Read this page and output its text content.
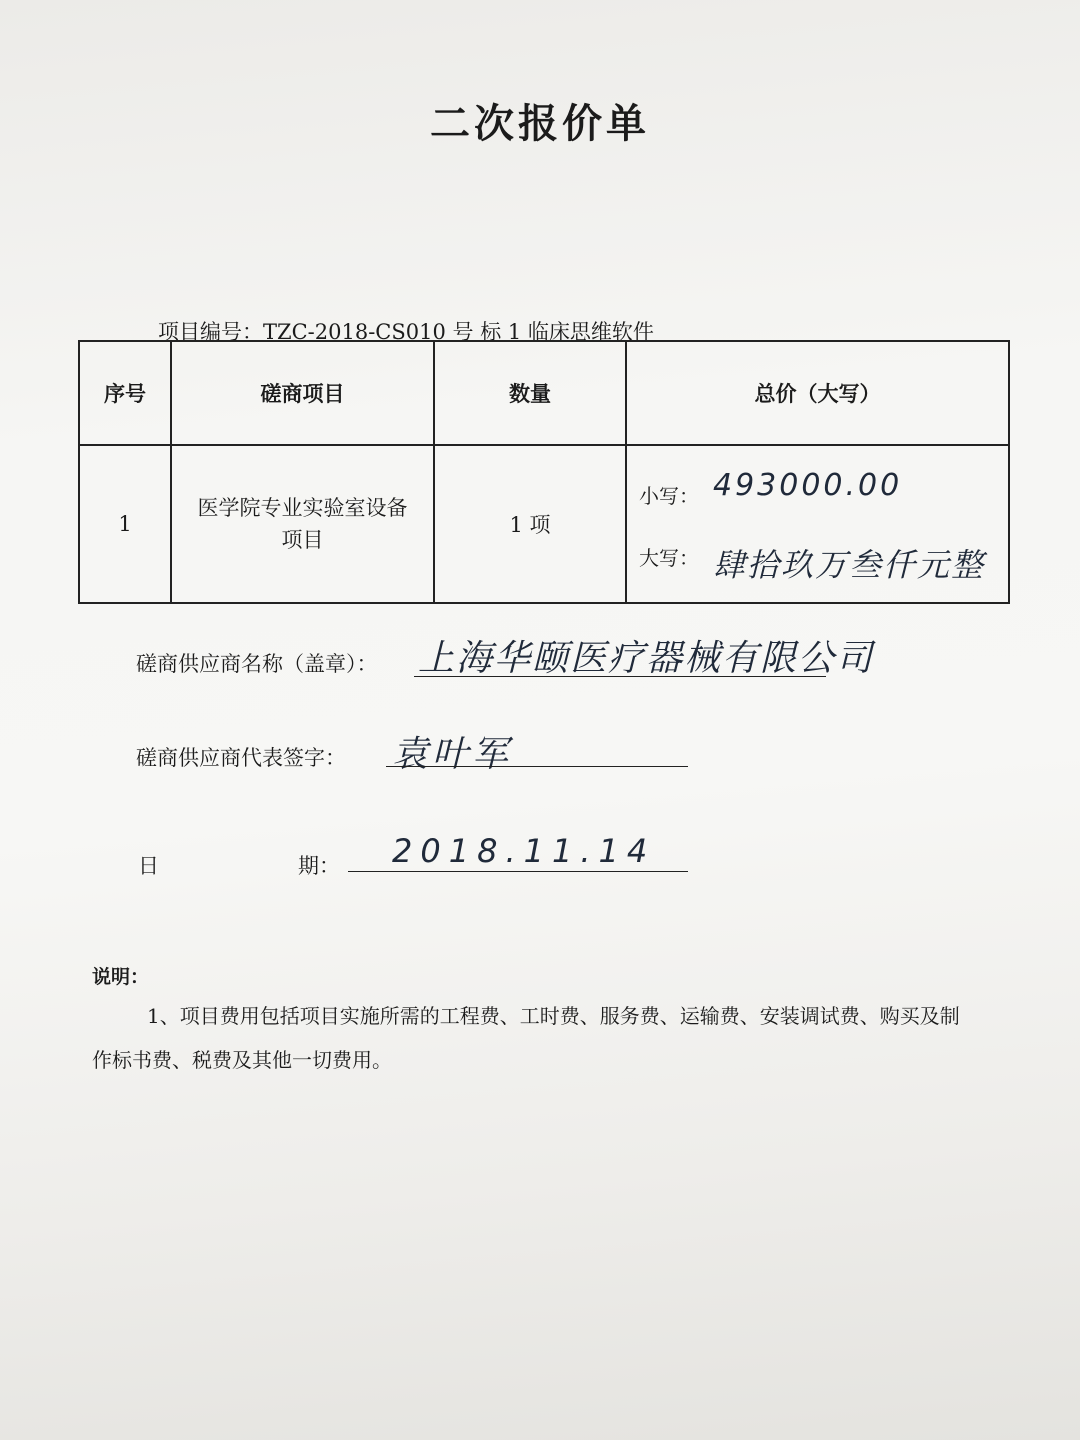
二次报价单
项目编号：TZC-2018-CS010 号 标 1 临床思维软件
序号	磋商项目	数量	总价（大写）
1	医学院专业实验室设备项目	1 项	小写： 493000.00
大写： 肆拾玖万叁仟元整
磋商供应商名称（盖章）： 上海华颐医疗器械有限公司
磋商供应商代表签字： 袁叶军
日	期： 2018.11.14
说明：
1、项目费用包括项目实施所需的工程费、工时费、服务费、运输费、安装调试费、购买及制作标书费、税费及其他一切费用。
